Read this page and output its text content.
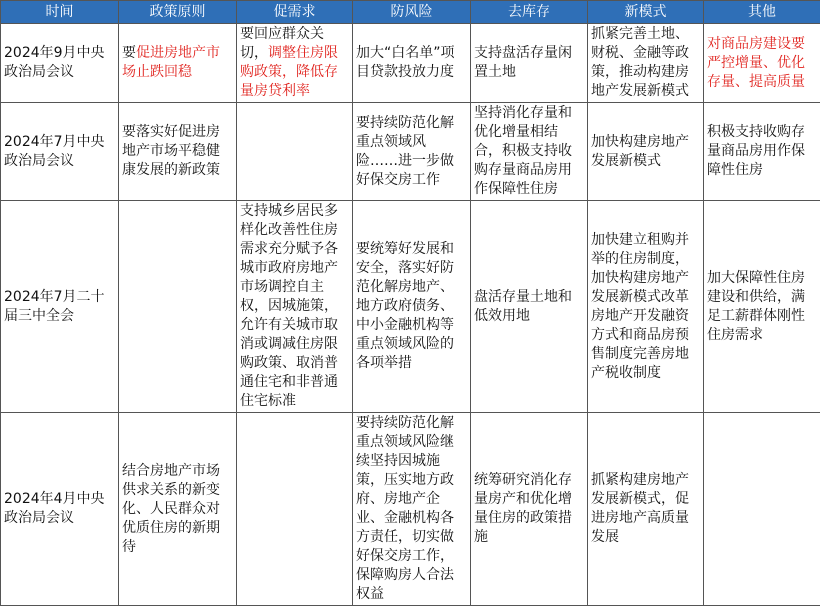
时间	政策原则	促需求	防风险	去库存	新模式	其他
2024年9月中央政治局会议	要促进房地产市场止跌回稳	要回应群众关切，调整住房限购政策，降低存量房贷利率	加大“白名单”项目贷款投放力度	支持盘活存量闲置土地	抓紧完善土地、财税、金融等政策，推动构建房地产发展新模式	对商品房建设要严控增量、优化存量、提高质量
2024年7月中央政治局会议	要落实好促进房地产市场平稳健康发展的新政策		要持续防范化解重点领域风险……进一步做好保交房工作	坚持消化存量和优化增量相结合，积极支持收购存量商品房用作保障性住房	加快构建房地产发展新模式	积极支持收购存量商品房用作保障性住房
2024年7月二十届三中全会		支持城乡居民多样化改善性住房需求充分赋予各城市政府房地产市场调控自主权，因城施策，允许有关城市取消或调减住房限购政策、取消普通住宅和非普通住宅标准	要统筹好发展和安全，落实好防范化解房地产、地方政府债务、中小金融机构等重点领域风险的各项举措	盘活存量土地和低效用地	加快建立租购并举的住房制度，加快构建房地产发展新模式改革房地产开发融资方式和商品房预售制度完善房地产税收制度	加大保障性住房建设和供给，满足工薪群体刚性住房需求
2024年4月中央政治局会议	结合房地产市场供求关系的新变化、人民群众对优质住房的新期待		要持续防范化解重点领域风险继续坚持因城施策，压实地方政府、房地产企业、金融机构各方责任，切实做好保交房工作，保障购房人合法权益	统筹研究消化存量房产和优化增量住房的政策措施	抓紧构建房地产发展新模式，促进房地产高质量发展	
